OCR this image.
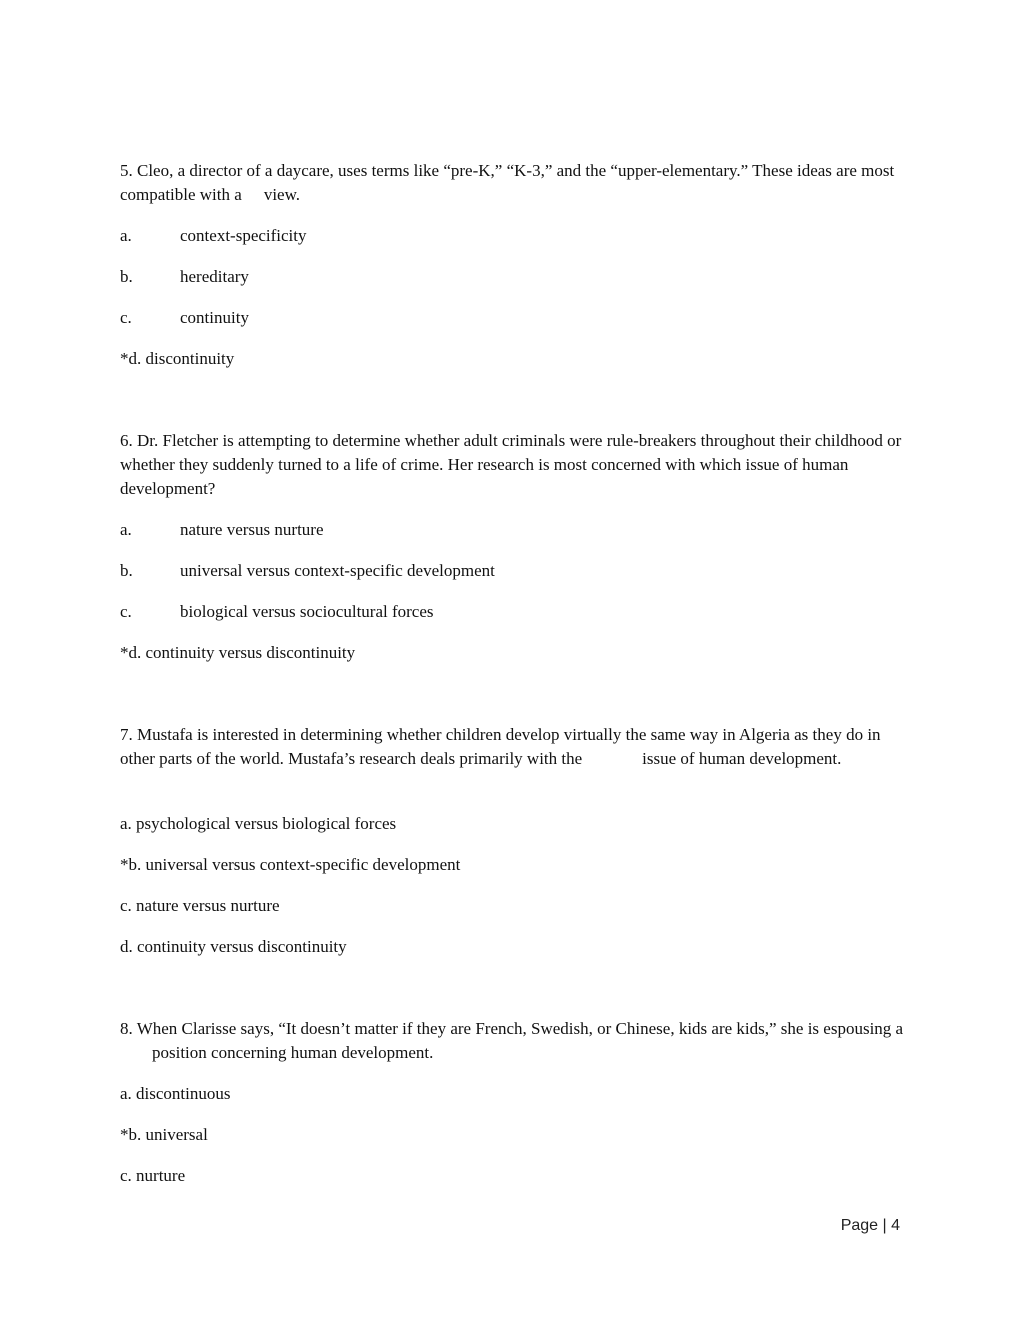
5. Cleo, a director of a daycare, uses terms like “pre-K,” “K-3,” and the “upper-elementary.” These ideas are most compatible with a view.

a.	context-specificity
b.	hereditary
c.	continuity
*d. discontinuity

6. Dr. Fletcher is attempting to determine whether adult criminals were rule-breakers throughout their childhood or whether they suddenly turned to a life of crime. Her research is most concerned with which issue of human development?

a.	nature versus nurture
b.	universal versus context-specific development
c.	biological versus sociocultural forces
*d. continuity versus discontinuity

7. Mustafa is interested in determining whether children develop virtually the same way in Algeria as they do in other parts of the world. Mustafa’s research deals primarily with the	issue of human development.

a. psychological versus biological forces
*b. universal versus context-specific development
c. nature versus nurture
d. continuity versus discontinuity

8. When Clarisse says, “It doesn’t matter if they are French, Swedish, or Chinese, kids are kids,” she is espousing aposition concerning human development.

a. discontinuous
*b. universal
c. nurture
Page | 4
